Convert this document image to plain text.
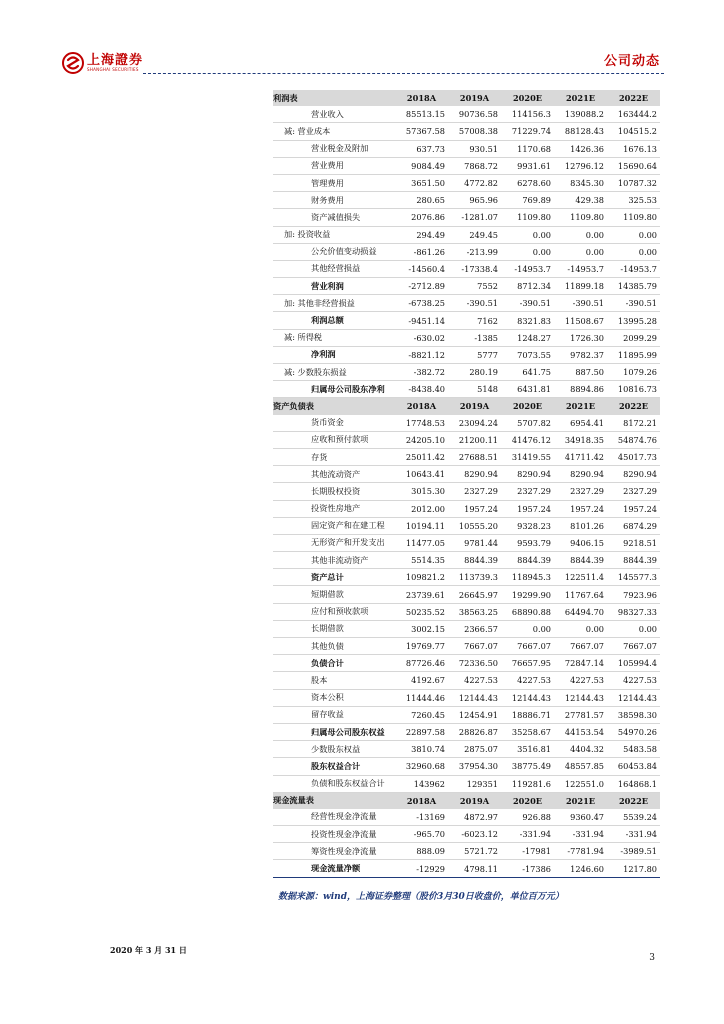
上海證券
SHANGHAI SECURITIES	公司动态
利润表	2018A	2019A	2020E	2021E	2022E
营业收入	85513.15	90736.58	114156.3	139088.2	163444.2
减: 营业成本	57367.58	57008.38	71229.74	88128.43	104515.2
营业税金及附加	637.73	930.51	1170.68	1426.36	1676.13
营业费用	9084.49	7868.72	9931.61	12796.12	15690.64
管理费用	3651.50	4772.82	6278.60	8345.30	10787.32
财务费用	280.65	965.96	769.89	429.38	325.53
资产减值损失	2076.86	-1281.07	1109.80	1109.80	1109.80
加: 投资收益	294.49	249.45	0.00	0.00	0.00
公允价值变动损益	-861.26	-213.99	0.00	0.00	0.00
其他经营损益	-14560.4	-17338.4	-14953.7	-14953.7	-14953.7
营业利润	-2712.89	7552	8712.34	11899.18	14385.79
加: 其他非经营损益	-6738.25	-390.51	-390.51	-390.51	-390.51
利润总额	-9451.14	7162	8321.83	11508.67	13995.28
减: 所得税	-630.02	-1385	1248.27	1726.30	2099.29
净利润	-8821.12	5777	7073.55	9782.37	11895.99
减: 少数股东损益	-382.72	280.19	641.75	887.50	1079.26
归属母公司股东净利	-8438.40	5148	6431.81	8894.86	10816.73
资产负债表	2018A	2019A	2020E	2021E	2022E
货币资金	17748.53	23094.24	5707.82	6954.41	8172.21
应收和预付款项	24205.10	21200.11	41476.12	34918.35	54874.76
存货	25011.42	27688.51	31419.55	41711.42	45017.73
其他流动资产	10643.41	8290.94	8290.94	8290.94	8290.94
长期股权投资	3015.30	2327.29	2327.29	2327.29	2327.29
投资性房地产	2012.00	1957.24	1957.24	1957.24	1957.24
固定资产和在建工程	10194.11	10555.20	9328.23	8101.26	6874.29
无形资产和开发支出	11477.05	9781.44	9593.79	9406.15	9218.51
其他非流动资产	5514.35	8844.39	8844.39	8844.39	8844.39
资产总计	109821.2	113739.3	118945.3	122511.4	145577.3
短期借款	23739.61	26645.97	19299.90	11767.64	7923.96
应付和预收款项	50235.52	38563.25	68890.88	64494.70	98327.33
长期借款	3002.15	2366.57	0.00	0.00	0.00
其他负债	19769.77	7667.07	7667.07	7667.07	7667.07
负债合计	87726.46	72336.50	76657.95	72847.14	105994.4
股本	4192.67	4227.53	4227.53	4227.53	4227.53
资本公积	11444.46	12144.43	12144.43	12144.43	12144.43
留存收益	7260.45	12454.91	18886.71	27781.57	38598.30
归属母公司股东权益	22897.58	28826.87	35258.67	44153.54	54970.26
少数股东权益	3810.74	2875.07	3516.81	4404.32	5483.58
股东权益合计	32960.68	37954.30	38775.49	48557.85	60453.84
负债和股东权益合计	143962	129351	119281.6	122551.0	164868.1
现金流量表	2018A	2019A	2020E	2021E	2022E
经营性现金净流量	-13169	4872.97	926.88	9360.47	5539.24
投资性现金净流量	-965.70	-6023.12	-331.94	-331.94	-331.94
筹资性现金净流量	888.09	5721.72	-17981	-7781.94	-3989.51
现金流量净额	-12929	4798.11	-17386	1246.60	1217.80
数据来源：wind，上海证券整理（股价3月30日收盘价，单位百万元）
2020 年 3 月 31 日
3
